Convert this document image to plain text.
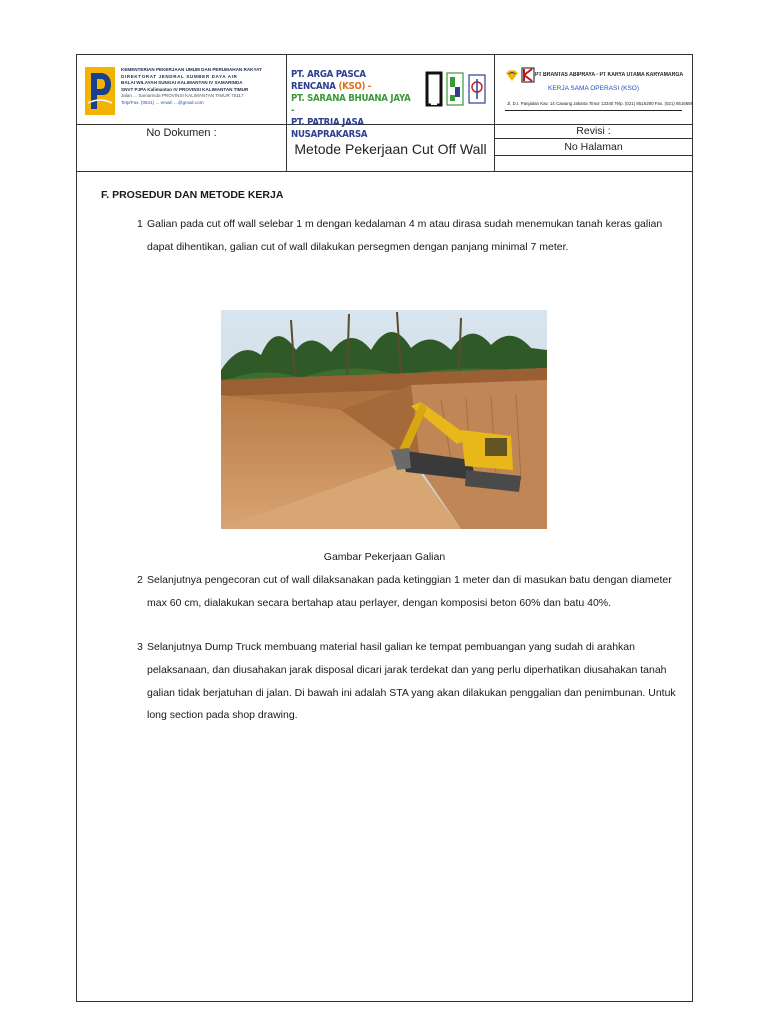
KEMENTERIAN PEKERJAAN UMUM DAN PERUMAHAN RAKYAT
DIREKTORAT JENDRAL SUMBER DAYA AIR
BALAI WILAYAH SUNGAI KALIMANTAN IV SAMARINDA
SNVT PJPA Kalimantan IV PROVINSI KALIMANTAN TIMUR
Jalan ... Samarinda PROVINSI KALIMANTAN TIMUR 75117
Telp/Fax. (0541) ... email: ...@gmail.com
PT. ARGA PASCA RENCANA (KSO) -
PT. SARANA BHUANA JAYA -
PT. PATRIA JASA NUSAPRAKARSA
PT BRANTAS ABIPRAYA - PT KARYA UTAMA KARYAMARGA
KERJA SAMA OPERASI (KSO)
Jl. D.I. Panjaitan Kav. 14 Cawang Jakarta Timur 13340 Telp. (021) 8516290 Fax. (021) 8516698
No Dokumen :
Metode Pekerjaan Cut Off Wall
Revisi :
No Halaman
F. PROSEDUR DAN METODE KERJA
1 Galian pada cut off wall selebar 1 m dengan kedalaman 4 m atau dirasa sudah menemukan tanah keras galian dapat dihentikan, galian cut of wall dilakukan persegmen dengan panjang minimal 7 meter.
Gambar Pekerjaan Galian
2 Selanjutnya pengecoran cut of wall dilaksanakan pada ketinggian 1 meter dan di masukan batu dengan diameter max 60 cm, dialakukan secara bertahap atau perlayer, dengan komposisi beton 60% dan batu 40%.
3 Selanjutnya Dump Truck membuang material hasil galian ke tempat pembuangan yang sudah di arahkan pelaksanaan, dan diusahakan jarak disposal dicari jarak terdekat dan yang perlu diperhatikan diusahakan tanah galian tidak berjatuhan di jalan. Di bawah ini adalah STA yang akan dilakukan penggalian dan penimbunan. Untuk long section pada shop drawing.
